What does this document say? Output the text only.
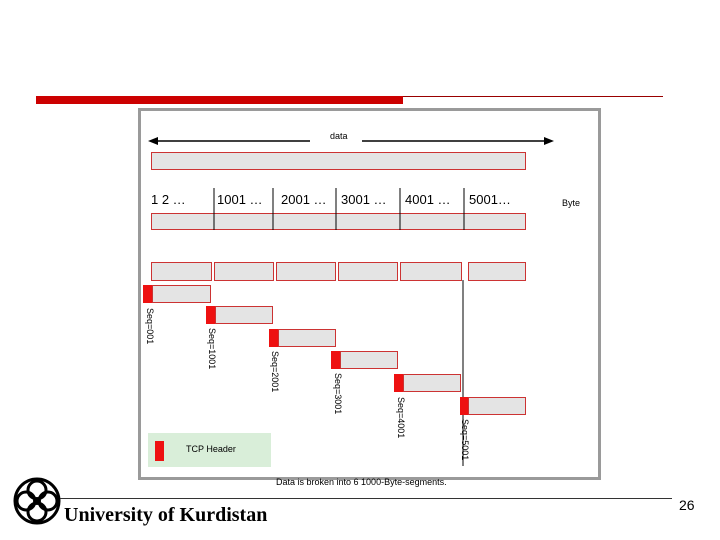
data
1 2 … 1001 … 2001 … 3001 … 4001 … 5001…	Byte
Seq=001
Seq=1001
Seq=2001
Seq=3001
Seq=4001
Seq=5001
TCP Header
Data is broken into 6 1000-Byte-segments.
University of Kurdistan	26
